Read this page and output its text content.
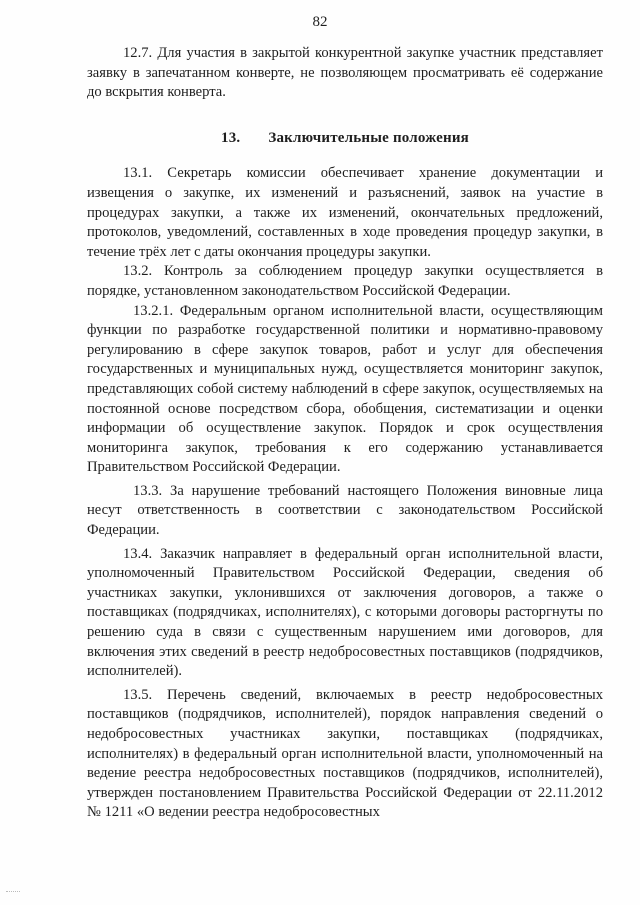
82

12.7. Для участия в закрытой конкурентной закупке участник представляет заявку в запечатанном конверте, не позволяющем просматривать её содержание до вскрытия конверта.

13. Заключительные положения

13.1. Секретарь комиссии обеспечивает хранение документации и извещения о закупке, их изменений и разъяснений, заявок на участие в процедурах закупки, а также их изменений, окончательных предложений, протоколов, уведомлений, составленных в ходе проведения процедур закупки, в течение трёх лет с даты окончания процедуры закупки.

13.2. Контроль за соблюдением процедур закупки осуществляется в порядке, установленном законодательством Российской Федерации.

13.2.1. Федеральным органом исполнительной власти, осуществляющим функции по разработке государственной политики и нормативно-правовому регулированию в сфере закупок товаров, работ и услуг для обеспечения государственных и муниципальных нужд, осуществляется мониторинг закупок, представляющих собой систему наблюдений в сфере закупок, осуществляемых на постоянной основе посредством сбора, обобщения, систематизации и оценки информации об осуществление закупок. Порядок и срок осуществления мониторинга закупок, требования к его содержанию устанавливается Правительством Российской Федерации.

13.3. За нарушение требований настоящего Положения виновные лица несут ответственность в соответствии с законодательством Российской Федерации.

13.4. Заказчик направляет в федеральный орган исполнительной власти, уполномоченный Правительством Российской Федерации, сведения об участниках закупки, уклонившихся от заключения договоров, а также о поставщиках (подрядчиках, исполнителях), с которыми договоры расторгнуты по решению суда в связи с существенным нарушением ими договоров, для включения этих сведений в реестр недобросовестных поставщиков (подрядчиков, исполнителей).

13.5. Перечень сведений, включаемых в реестр недобросовестных поставщиков (подрядчиков, исполнителей), порядок направления сведений о недобросовестных участниках закупки, поставщиках (подрядчиках, исполнителях) в федеральный орган исполнительной власти, уполномоченный на ведение реестра недобросовестных поставщиков (подрядчиков, исполнителей), утвержден постановлением Правительства Российской Федерации от 22.11.2012 № 1211 «О ведении реестра недобросовестных
